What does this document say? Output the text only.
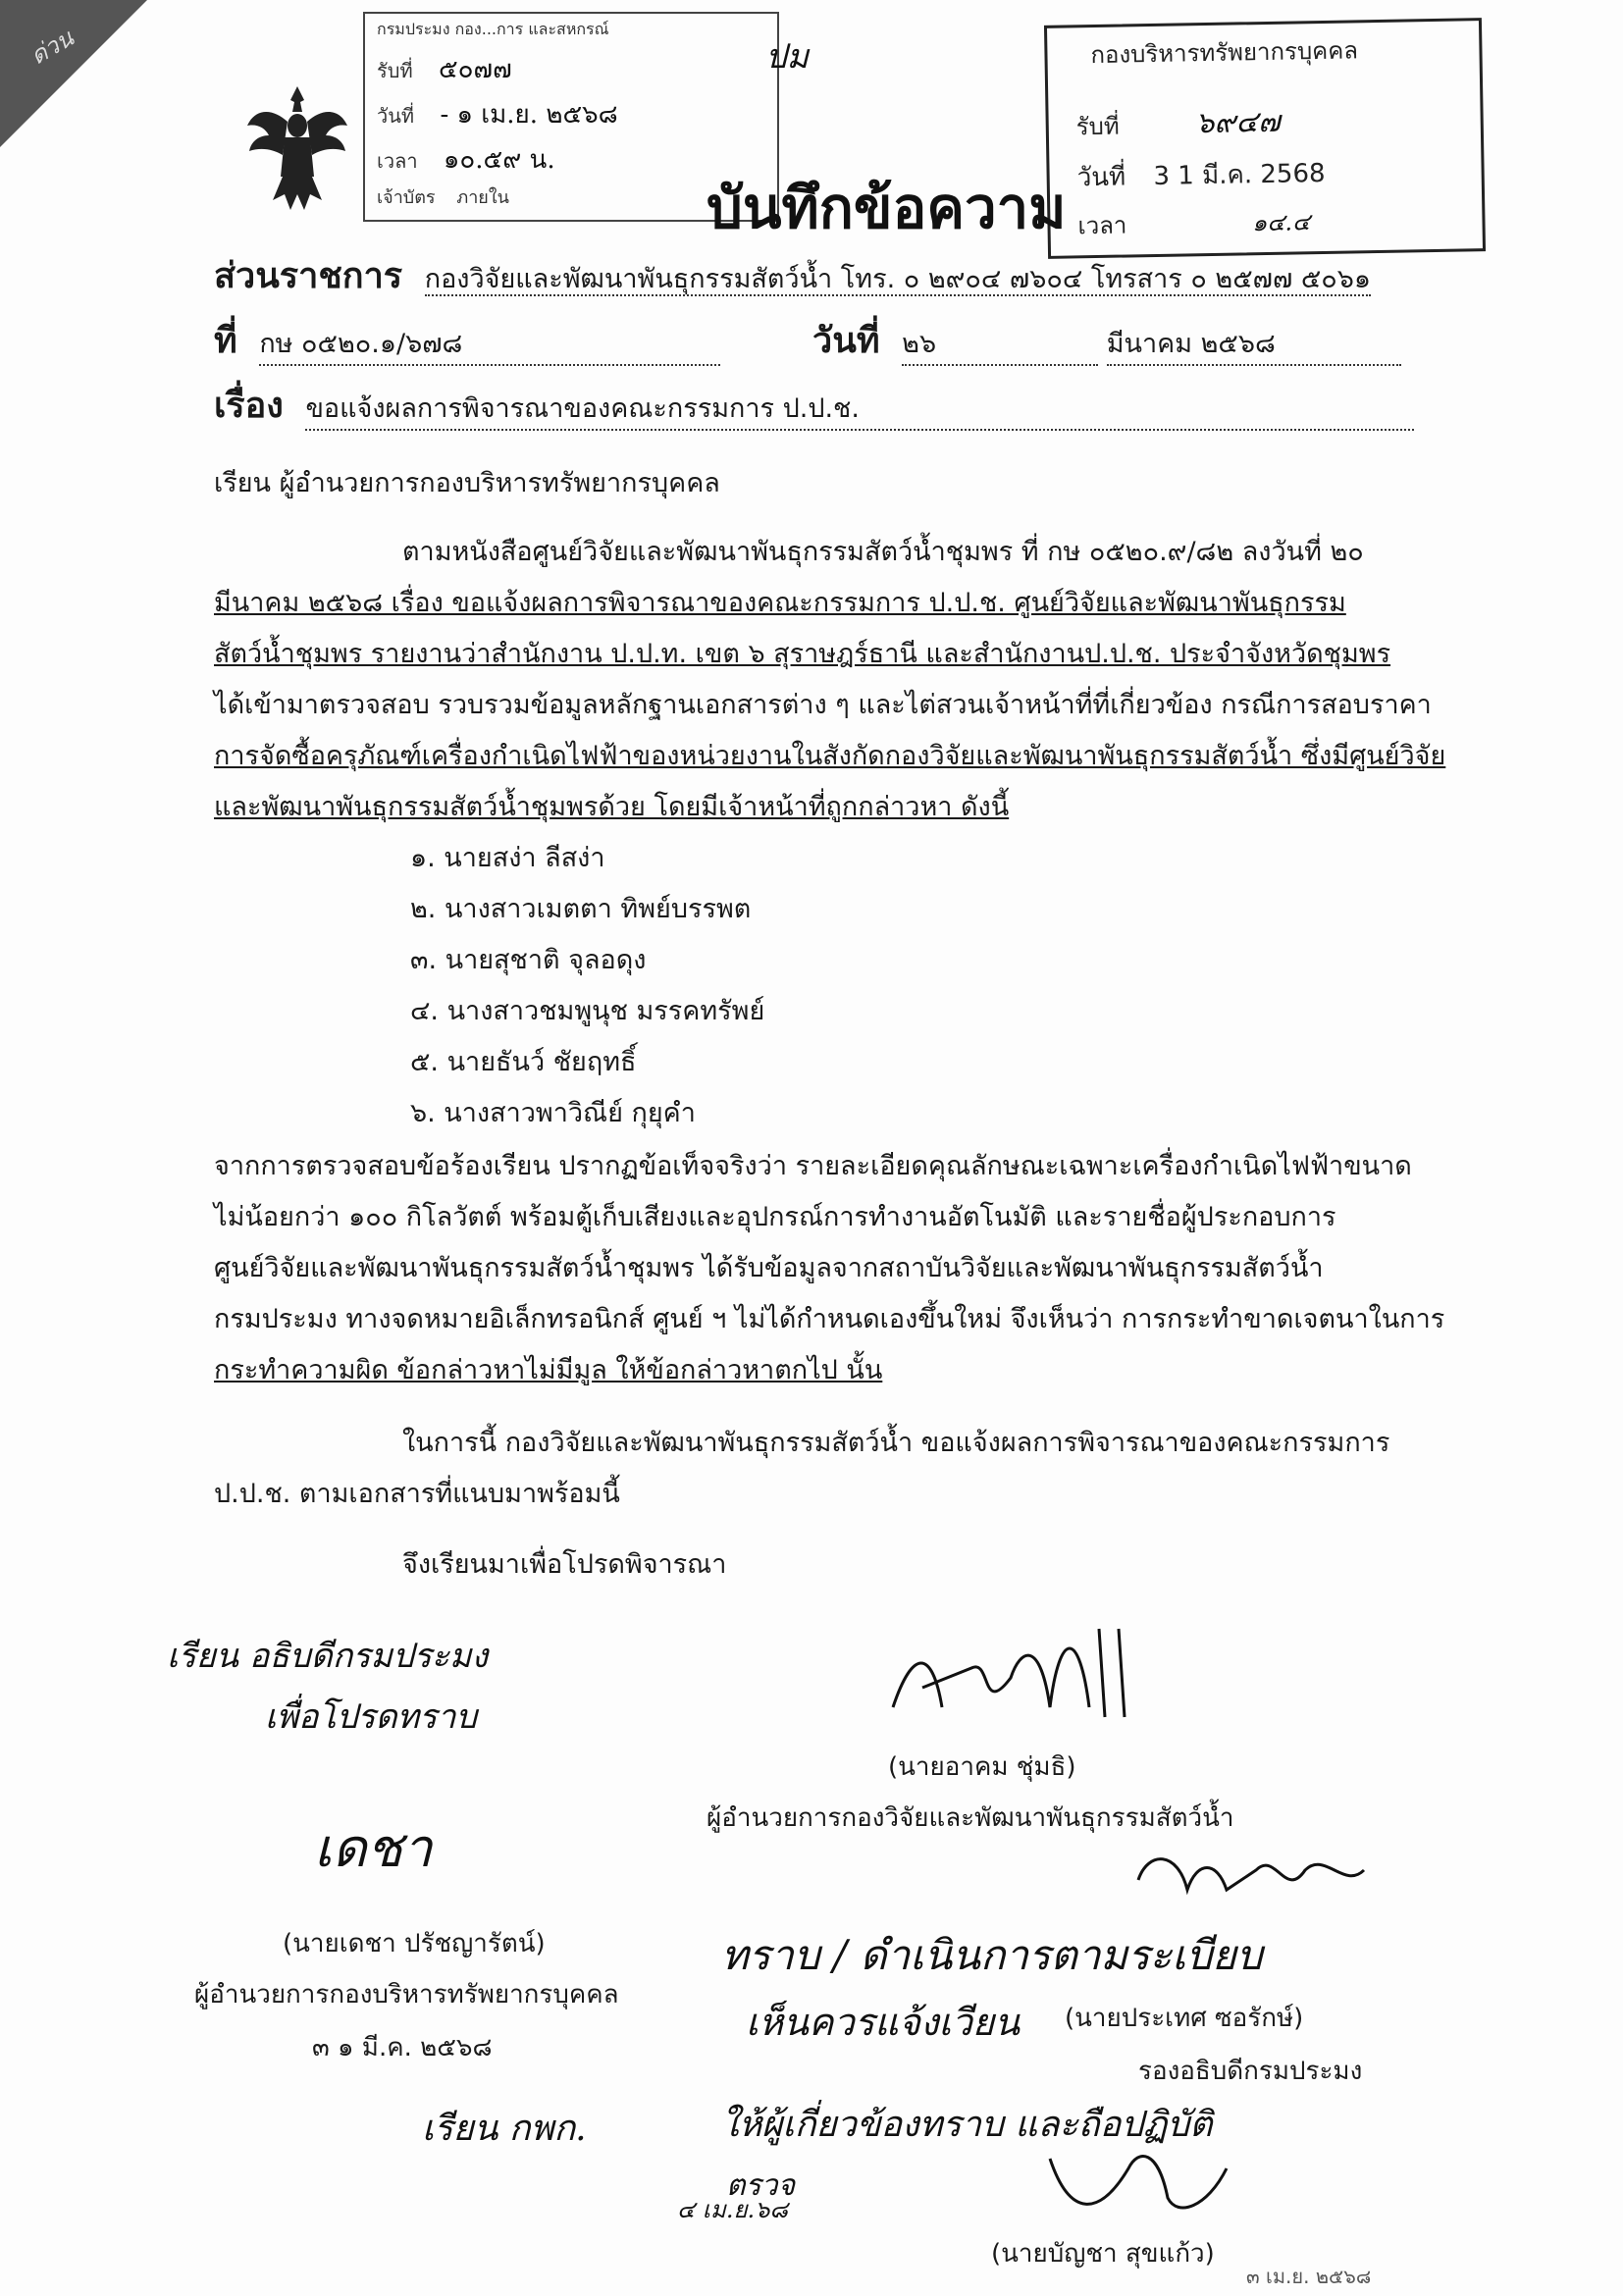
ด่วน	กรมประมง กอง...การ และสหกรณ์
รับที่ ๕๐๗๗
วันที่ - ๑ เม.ย. ๒๕๖๘
เวลา ๑๐.๕๙ น.
เจ้าบัตร ภายใน
ปม	กองบริหารทรัพยากรบุคคล
รับที่	๖๙๔๗
วันที่ 3 1 มี.ค. 2568
เวลา	๑๔.๔
บันทึกข้อความ
ส่วนราชการ กองวิจัยและพัฒนาพันธุกรรมสัตว์น้ำ โทร. ๐ ๒๙๐๔ ๗๖๐๔ โทรสาร ๐ ๒๕๗๗ ๕๐๖๑
ที่ กษ ๐๕๒๐.๑/๖๗๘	วันที่ ๒๖	มีนาคม ๒๕๖๘
เรื่อง ขอแจ้งผลการพิจารณาของคณะกรรมการ ป.ป.ช.
เรียน ผู้อำนวยการกองบริหารทรัพยากรบุคคล
ตามหนังสือศูนย์วิจัยและพัฒนาพันธุกรรมสัตว์น้ำชุมพร ที่ กษ ๐๕๒๐.๙/๘๒ ลงวันที่ ๒๐
มีนาคม ๒๕๖๘ เรื่อง ขอแจ้งผลการพิจารณาของคณะกรรมการ ป.ป.ช. ศูนย์วิจัยและพัฒนาพันธุกรรม
สัตว์น้ำชุมพร รายงานว่าสำนักงาน ป.ป.ท. เขต ๖ สุราษฎร์ธานี และสำนักงานป.ป.ช. ประจำจังหวัดชุมพร
ได้เข้ามาตรวจสอบ รวบรวมข้อมูลหลักฐานเอกสารต่าง ๆ และไต่สวนเจ้าหน้าที่ที่เกี่ยวข้อง กรณีการสอบราคา
การจัดซื้อครุภัณฑ์เครื่องกำเนิดไฟฟ้าของหน่วยงานในสังกัดกองวิจัยและพัฒนาพันธุกรรมสัตว์น้ำ ซึ่งมีศูนย์วิจัย
และพัฒนาพันธุกรรมสัตว์น้ำชุมพรด้วย โดยมีเจ้าหน้าที่ถูกกล่าวหา ดังนี้
๑. นายสง่า ลีสง่า
๒. นางสาวเมตตา ทิพย์บรรพต
๓. นายสุชาติ จุลอดุง
๔. นางสาวชมพูนุช มรรคทรัพย์
๕. นายธันว์ ชัยฤทธิ์
๖. นางสาวพาวิณีย์ กุยุคำ
จากการตรวจสอบข้อร้องเรียน ปรากฏข้อเท็จจริงว่า รายละเอียดคุณลักษณะเฉพาะเครื่องกำเนิดไฟฟ้าขนาด
ไม่น้อยกว่า ๑๐๐ กิโลวัตต์ พร้อมตู้เก็บเสียงและอุปกรณ์การทำงานอัตโนมัติ และรายชื่อผู้ประกอบการ
ศูนย์วิจัยและพัฒนาพันธุกรรมสัตว์น้ำชุมพร ได้รับข้อมูลจากสถาบันวิจัยและพัฒนาพันธุกรรมสัตว์น้ำ
กรมประมง ทางจดหมายอิเล็กทรอนิกส์ ศูนย์ ฯ ไม่ได้กำหนดเองขึ้นใหม่ จึงเห็นว่า การกระทำขาดเจตนาในการ
กระทำความผิด ข้อกล่าวหาไม่มีมูล ให้ข้อกล่าวหาตกไป นั้น
ในการนี้ กองวิจัยและพัฒนาพันธุกรรมสัตว์น้ำ ขอแจ้งผลการพิจารณาของคณะกรรมการ
ป.ป.ช. ตามเอกสารที่แนบมาพร้อมนี้
จึงเรียนมาเพื่อโปรดพิจารณา
เรียน อธิบดีกรมประมง
เพื่อโปรดทราบ
เดชา
(นายอาคม ชุ่มธิ)
ผู้อำนวยการกองวิจัยและพัฒนาพันธุกรรมสัตว์น้ำ
ทราบ / ดำเนินการตามระเบียบ
เห็นควรแจ้งเวียน (นายประเทศ ซอรักษ์)
รองอธิบดีกรมประมง
ให้ผู้เกี่ยวข้องทราบ และถือปฏิบัติ
ตรวจ
(นายเดชา ปรัชญารัตน์)
ผู้อำนวยการกองบริหารทรัพยากรบุคคล
๓ ๑ มี.ค. ๒๕๖๘
เรียน กพก.
๔ เม.ย.๖๘
(นายบัญชา สุขแก้ว)
๓ เม.ย. ๒๕๖๘
